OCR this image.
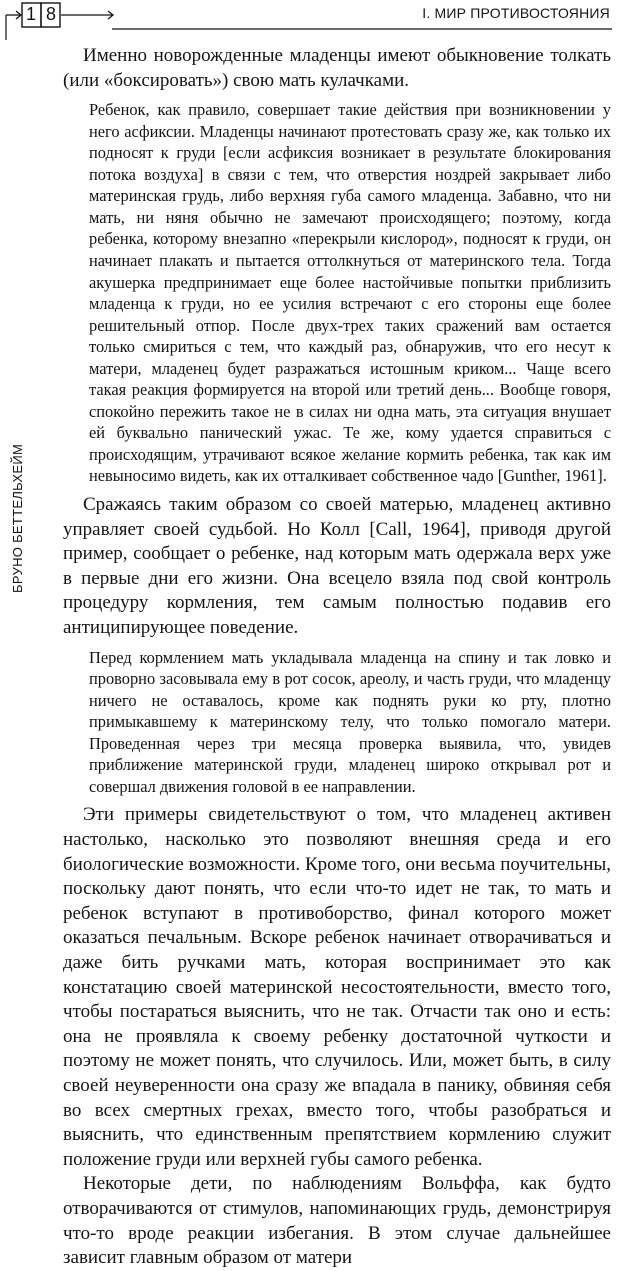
1 8	I. МИР ПРОТИВОСТОЯНИЯ
БРУНО БЕТТЕЛЬХЕЙМ

Именно новорожденные младенцы имеют обыкновение толкать (или «боксировать») свою мать кулачками.

Ребенок, как правило, совершает такие действия при возникновении у него асфиксии. Младенцы начинают протестовать сразу же, как только их подносят к груди [если асфиксия возникает в результате блокирования потока воздуха] в связи с тем, что отверстия ноздрей закрывает либо материнская грудь, либо верхняя губа самого младенца. Забавно, что ни мать, ни няня обычно не замечают происходящего; поэтому, когда ребенка, которому внезапно «перекрыли кислород», подносят к груди, он начинает плакать и пытается оттолкнуться от материнского тела. Тогда акушерка предпринимает еще более настойчивые попытки приблизить младенца к груди, но ее усилия встречают с его стороны еще более решительный отпор. После двух-трех таких сражений вам остается только смириться с тем, что каждый раз, обнаружив, что его несут к матери, младенец будет разражаться истошным криком... Чаще всего такая реакция формируется на второй или третий день... Вообще говоря, спокойно пережить такое не в силах ни одна мать, эта ситуация внушает ей буквально панический ужас. Те же, кому удается справиться с происходящим, утрачивают всякое желание кормить ребенка, так как им невыносимо видеть, как их отталкивает собственное чадо [Gunther, 1961].

Сражаясь таким образом со своей матерью, младенец активно управляет своей судьбой. Но Колл [Call, 1964], приводя другой пример, сообщает о ребенке, над которым мать одержала верх уже в первые дни его жизни. Она всецело взяла под свой контроль процедуру кормления, тем самым полностью подавив его антиципирующее поведение.

Перед кормлением мать укладывала младенца на спину и так ловко и проворно засовывала ему в рот сосок, ареолу, и часть груди, что младенцу ничего не оставалось, кроме как поднять руки ко рту, плотно примыкавшему к материнскому телу, что только помогало матери. Проведенная через три месяца проверка выявила, что, увидев приближение материнской груди, младенец широко открывал рот и совершал движения головой в ее направлении.

Эти примеры свидетельствуют о том, что младенец активен настолько, насколько это позволяют внешняя среда и его биологические возможности. Кроме того, они весьма поучительны, поскольку дают понять, что если что-то идет не так, то мать и ребенок вступают в противоборство, финал которого может оказаться печальным. Вскоре ребенок начинает отворачиваться и даже бить ручками мать, которая воспринимает это как констатацию своей материнской несостоятельности, вместо того, чтобы постараться выяснить, что не так. Отчасти так оно и есть: она не проявляла к своему ребенку достаточной чуткости и поэтому не может понять, что случилось. Или, может быть, в силу своей неуверенности она сразу же впадала в панику, обвиняя себя во всех смертных грехах, вместо того, чтобы разобраться и выяснить, что единственным препятствием кормлению служит положение груди или верхней губы самого ребенка.

Некоторые дети, по наблюдениям Вольффа, как будто отворачиваются от стимулов, напоминающих грудь, демонстрируя что-то вроде реакции избегания. В этом случае дальнейшее зависит главным образом от матери
